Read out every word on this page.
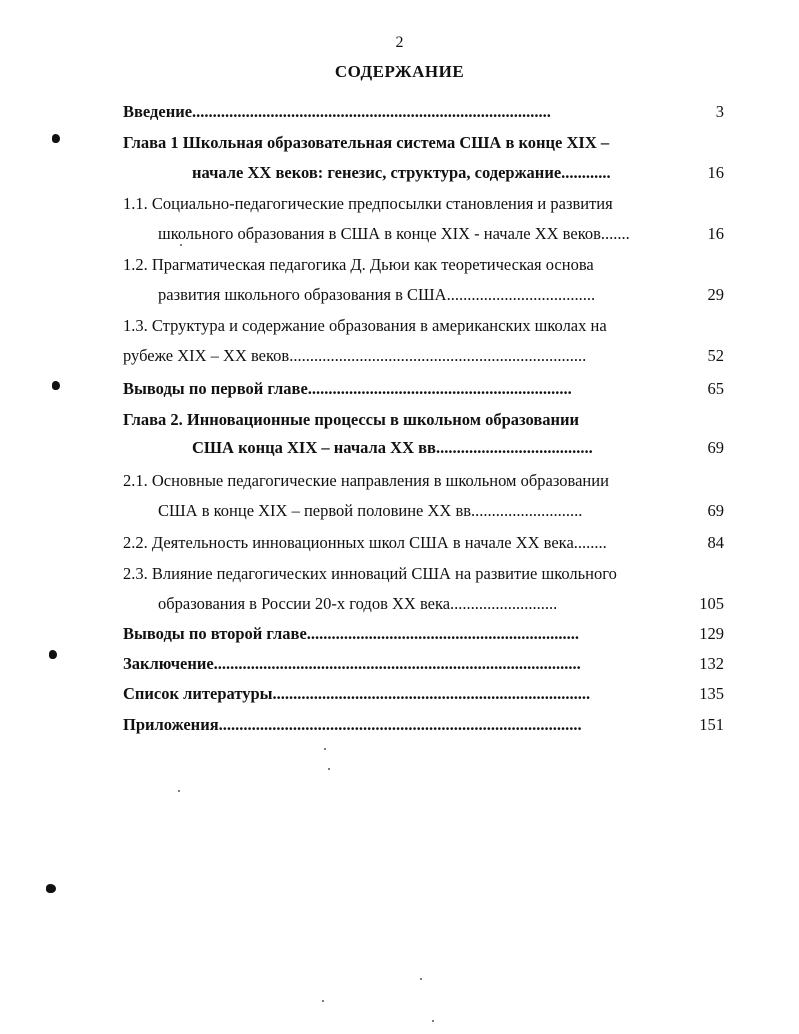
2
СОДЕРЖАНИЕ
Введение.......................................................................................	3
Глава 1 Школьная образовательная система США в конце XIX –
начале XX веков: генезис, структура, содержание............	16
1.1. Социально-педагогические предпосылки становления и развития
школьного образования в США в конце XIX - начале XX веков.......	16
1.2. Прагматическая педагогика Д. Дьюи как теоретическая основа
развития школьного образования в США....................................	29
1.3. Структура и содержание образования в американских школах на
рубеже XIX – XX веков........................................................................	52
Выводы по первой главе................................................................	65
Глава 2. Инновационные процессы в школьном образовании
США конца XIX – начала XX вв......................................	69
2.1. Основные педагогические направления в школьном образовании
США в конце XIX – первой половине XX вв...........................	69
2.2. Деятельность инновационных школ США в начале XX века........	84
2.3. Влияние педагогических инноваций США на развитие школьного
образования в России 20-х годов XX века..........................	105
Выводы по второй главе..................................................................	129
Заключение.........................................................................................	132
Список литературы.............................................................................	135
Приложения........................................................................................	151
